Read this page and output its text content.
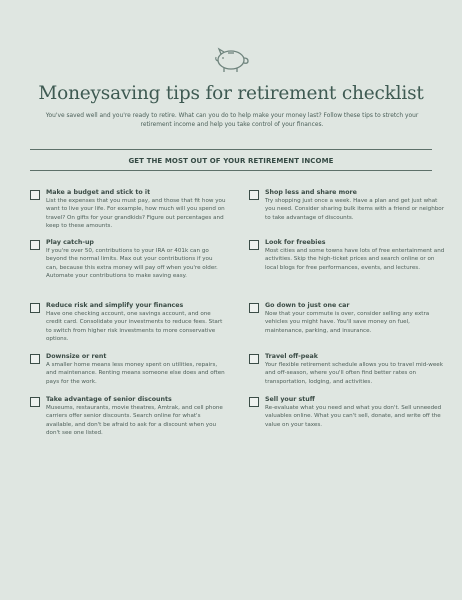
Moneysaving tips for retirement checklist
You've saved well and you're ready to retire. What can you do to help make your money last? Follow these tips to stretch your retirement income and help you take control of your finances.
GET THE MOST OUT OF YOUR RETIREMENT INCOME
Make a budget and stick to it
List the expenses that you must pay, and those that fit how you want to live your life. For example, how much will you spend on travel? On gifts for your grandkids? Figure out percentages and keep to these amounts.
Play catch-up
If you're over 50, contributions to your IRA or 401k can go beyond the normal limits. Max out your contributions if you can, because this extra money will pay off when you're older. Automate your contributions to make saving easy.
Reduce risk and simplify your finances
Have one checking account, one savings account, and one credit card. Consolidate your investments to reduce fees. Start to switch from higher risk investments to more conservative options.
Downsize or rent
A smaller home means less money spent on utilities, repairs, and maintenance. Renting means someone else does and often pays for the work.
Take advantage of senior discounts
Museums, restaurants, movie theatres, Amtrak, and cell phone carriers offer senior discounts. Search online for what's available, and don't be afraid to ask for a discount when you don't see one listed.
Shop less and share more
Try shopping just once a week. Have a plan and get just what you need. Consider sharing bulk items with a friend or neighbor to take advantage of discounts.
Look for freebies
Most cities and some towns have lots of free entertainment and activities. Skip the high-ticket prices and search online or on local blogs for free performances, events, and lectures.
Go down to just one car
Now that your commute is over, consider selling any extra vehicles you might have. You'll save money on fuel, maintenance, parking, and insurance.
Travel off-peak
Your flexible retirement schedule allows you to travel mid-week and off-season, where you'll often find better rates on transportation, lodging, and activities.
Sell your stuff
Re-evaluate what you need and what you don't. Sell unneeded valuables online. What you can't sell, donate, and write off the value on your taxes.
